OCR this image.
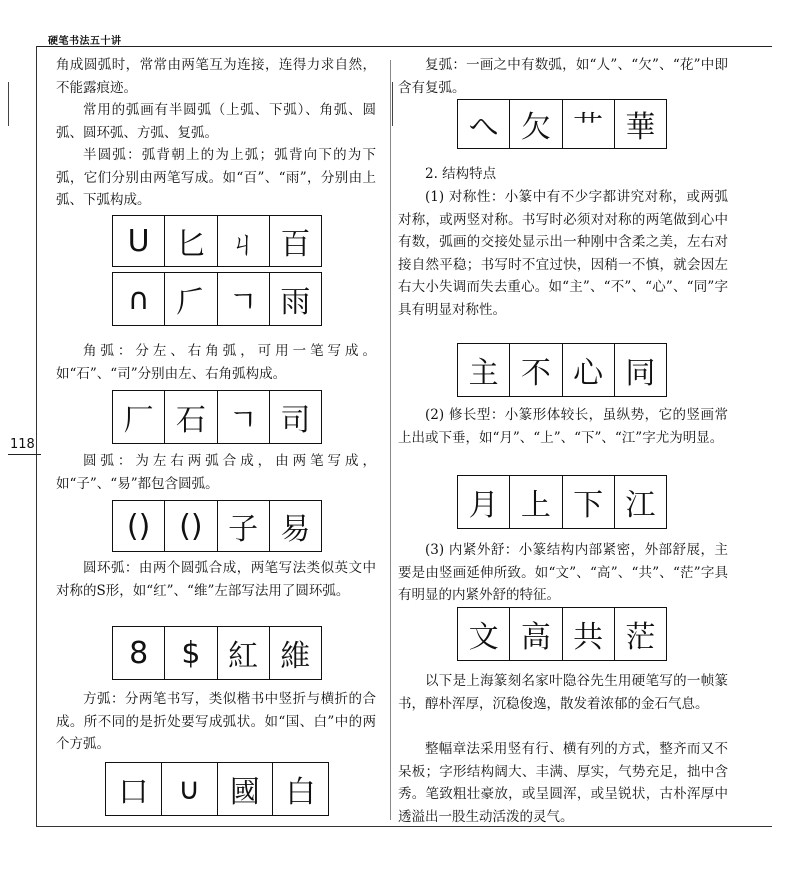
硬笔书法五十讲
118

角成圆弧时，常常由两笔互为连接，连得力求自然，不能露痕迹。

常用的弧画有半圆弧（上弧、下弧）、角弧、圆弧、圆环弧、方弧、复弧。

半圆弧：弧背朝上的为上弧；弧背向下的为下弧，它们分别由两笔写成。如“百”、“雨”，分别由上弧、下弧构成。

U 匕 ㄐ 百
∩ 𠂆 ㄱ 雨

角弧：分左、右角弧，可用一笔写成。如“石”、“司”分别由左、右角弧构成。

厂 石 ㄱ 司

圆弧：为左右两弧合成，由两笔写成，如“子”、“易”都包含圆弧。

() () 子 易

圆环弧：由两个圆弧合成，两笔写法类似英文中对称的S形，如“红”、“维”左部写法用了圆环弧。

8	$ 紅 維

方弧：分两笔书写，类似楷书中竖折与横折的合成。所不同的是折处要写成弧状。如“国、白”中的两个方弧。

口 ∪ 國 白

复弧：一画之中有数弧，如“人”、“欠”、“花”中即含有复弧。

へ 欠 ⺾ 華

2. 结构特点

(1) 对称性：小篆中有不少字都讲究对称，或两弧对称，或两竖对称。书写时必须对对称的两笔做到心中有数，弧画的交接处显示出一种刚中含柔之美，左右对接自然平稳；书写时不宜过快，因稍一不慎，就会因左右大小失调而失去重心。如“主”、“不”、“心”、“同”字具有明显对称性。

主 不 心 同

(2) 修长型：小篆形体较长，虽纵势，它的竖画常上出或下垂，如“月”、“上”、“下”、“江”字尤为明显。

月 上 下 江

(3) 内紧外舒：小篆结构内部紧密，外部舒展，主要是由竖画延伸所致。如“文”、“高”、“共”、“茫”字具有明显的内紧外舒的特征。

文 高 共 茫

以下是上海篆刻名家叶隐谷先生用硬笔写的一帧篆书，醇朴浑厚，沉稳俊逸，散发着浓郁的金石气息。

整幅章法采用竖有行、横有列的方式，整齐而又不呆板；字形结构阔大、丰满、厚实，气势充足，拙中含秀。笔致粗壮豪放，或呈圆浑，或呈锐状，古朴浑厚中透溢出一股生动活泼的灵气。
